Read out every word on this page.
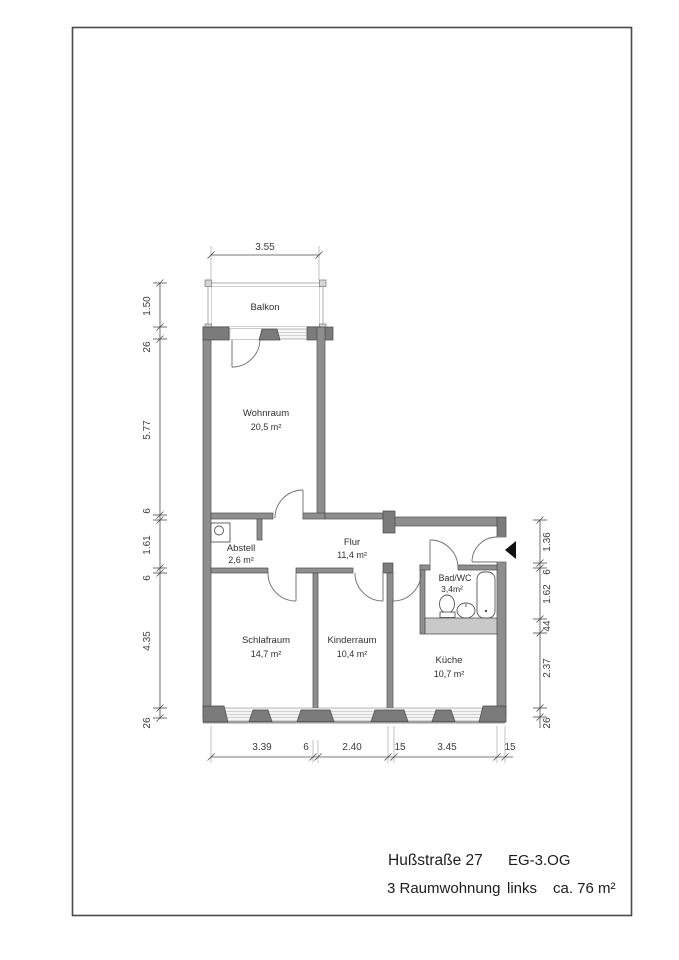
Balkon
Wohnraum
20,5 m²
Abstell
2,6 m²
Flur
11,4 m²
Bad/WC
3,4m²
Schlafraum
14,7 m²
Kinderraum
10,4 m²
Küche
10,7 m²
3.55
1.50
26
5.77
6
1.61
6
4.35
26
1.36
6
1.62
44
2.37
26
3.39	6	2.40	15	3.45	15
Hußstraße 27 EG-3.OG
3 Raumwohnung links ca. 76 m²
